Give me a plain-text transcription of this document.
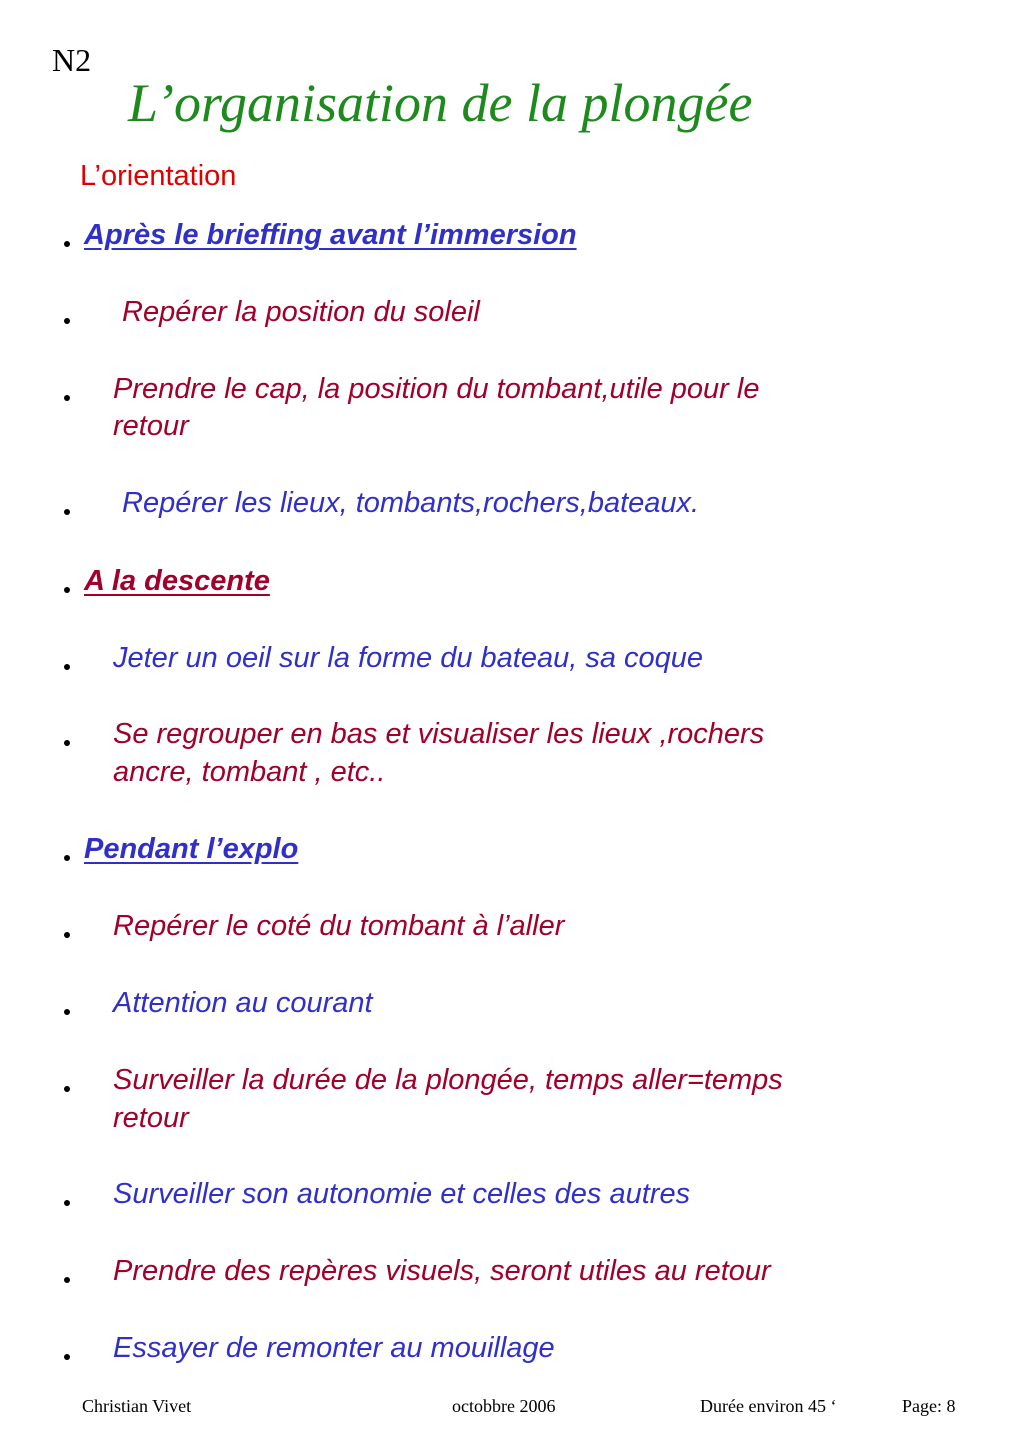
N2
L’organisation de la plongée
L’orientation
Après le brieffing avant l’immersion
Repérer la position du soleil
Prendre le cap, la position du tombant,utile pour le
retour
Repérer les lieux, tombants,rochers,bateaux.
A la descente
Jeter un oeil sur la forme du bateau, sa coque
Se regrouper en bas et visualiser les lieux ,rochers
ancre, tombant , etc..
Pendant l’explo
Repérer le coté du tombant à l’aller
Attention au courant
Surveiller la durée de la plongée, temps aller=temps
retour
Surveiller son autonomie et celles des autres
Prendre des repères visuels, seront utiles au retour
Essayer de remonter au mouillage
Christian Vivet	octobbre 2006	Durée environ 45 ‘	Page: 8
